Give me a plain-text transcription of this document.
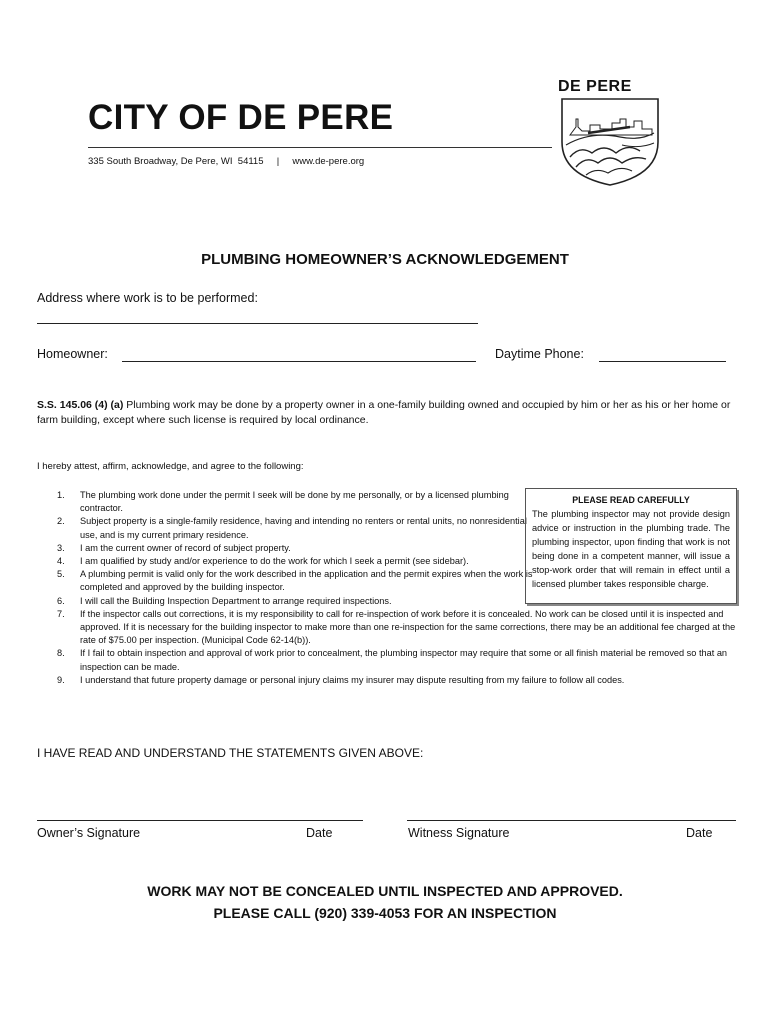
CITY OF DE PERE
335 South Broadway, De Pere, WI  54115 | www.de-pere.org
DE PERE
PLUMBING HOMEOWNER’S ACKNOWLEDGEMENT
Address where work is to be performed:
Homeowner:	Daytime Phone:
S.S. 145.06 (4) (a) Plumbing work may be done by a property owner in a one-family building owned and occupied by him or her as his or her home or farm building, except where such license is required by local ordinance.
I hereby attest, affirm, acknowledge, and agree to the following:
1. The plumbing work done under the permit I seek will be done by me personally, or by a licensed plumbing contractor.
2. Subject property is a single-family residence, having and intending no renters or rental units, no nonresidential use, and is my current primary residence.
3. I am the current owner of record of subject property.
4. I am qualified by study and/or experience to do the work for which I seek a permit (see sidebar).
5. A plumbing permit is valid only for the work described in the application and the permit expires when the work is completed and approved by the building inspector.
6. I will call the Building Inspection Department to arrange required inspections.
7. If the inspector calls out corrections, it is my responsibility to call for re-inspection of work before it is concealed. No work can be closed until it is inspected and approved. If it is necessary for the building inspector to make more than one re-inspection for the same corrections, there may be an additional fee charged at the rate of $75.00 per inspection. (Municipal Code 62-14(b)).
8. If I fail to obtain inspection and approval of work prior to concealment, the plumbing inspector may require that some or all finish material be removed so that an inspection can be made.
9. I understand that future property damage or personal injury claims my insurer may dispute resulting from my failure to follow all codes.
PLEASE READ CAREFULLY
The plumbing inspector may not provide design advice or instruction in the plumbing trade. The plumbing inspector, upon finding that work is not being done in a competent manner, will issue a stop-work order that will remain in effect until a licensed plumber takes responsible charge.
I HAVE READ AND UNDERSTAND THE STATEMENTS GIVEN ABOVE:
Owner’s Signature	Date	Witness Signature	Date
WORK MAY NOT BE CONCEALED UNTIL INSPECTED AND APPROVED.
PLEASE CALL (920) 339-4053 FOR AN INSPECTION
